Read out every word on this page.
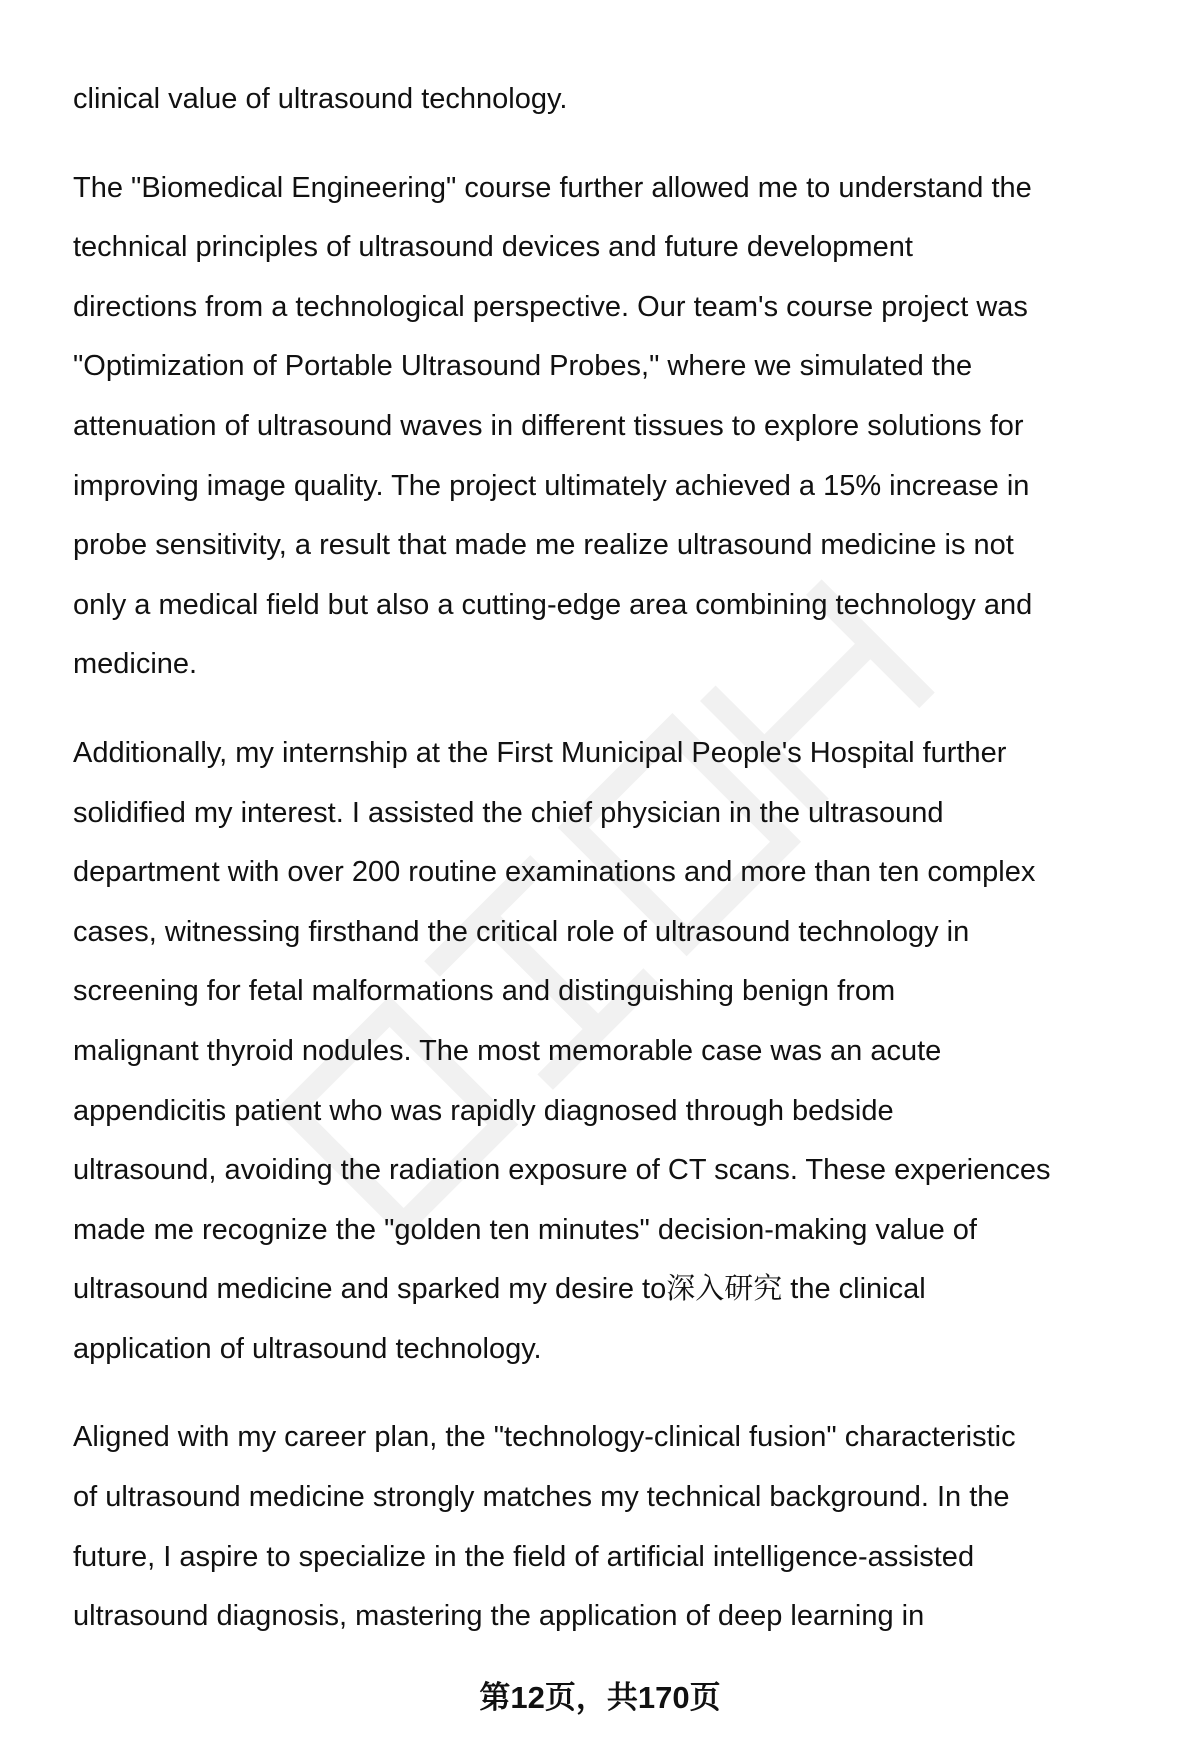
clinical value of ultrasound technology.
The "Biomedical Engineering" course further allowed me to understand the
technical principles of ultrasound devices and future development
directions from a technological perspective. Our team's course project was
"Optimization of Portable Ultrasound Probes," where we simulated the
attenuation of ultrasound waves in different tissues to explore solutions for
improving image quality. The project ultimately achieved a 15% increase in
probe sensitivity, a result that made me realize ultrasound medicine is not
only a medical field but also a cutting-edge area combining technology and
medicine.
Additionally, my internship at the First Municipal People's Hospital further
solidified my interest. I assisted the chief physician in the ultrasound
department with over 200 routine examinations and more than ten complex
cases, witnessing firsthand the critical role of ultrasound technology in
screening for fetal malformations and distinguishing benign from
malignant thyroid nodules. The most memorable case was an acute
appendicitis patient who was rapidly diagnosed through bedside
ultrasound, avoiding the radiation exposure of CT scans. These experiences
made me recognize the "golden ten minutes" decision-making value of
ultrasound medicine and sparked my desire to深入研究 the clinical
application of ultrasound technology.
Aligned with my career plan, the "technology-clinical fusion" characteristic
of ultrasound medicine strongly matches my technical background. In the
future, I aspire to specialize in the field of artificial intelligence-assisted
ultrasound diagnosis, mastering the application of deep learning in
第12页，共170页
